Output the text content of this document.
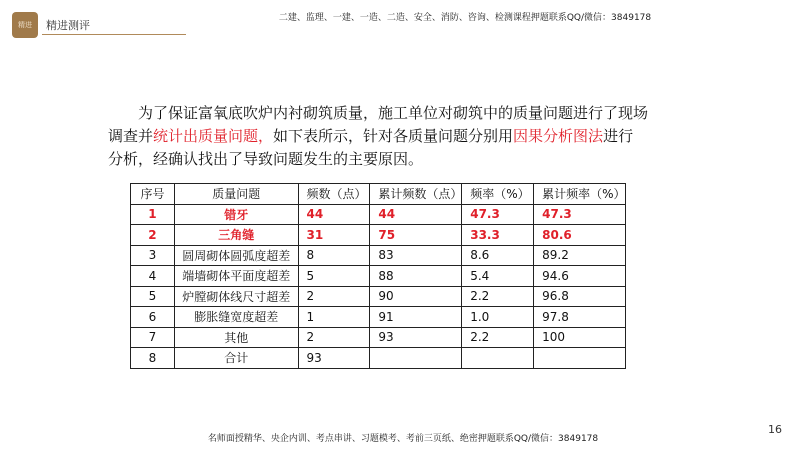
精进	精进测评
二建、监理、一建、一造、二造、安全、消防、咨询、检测课程押题联系QQ/微信：3849178

为了保证富氧底吹炉内衬砌筑质量，施工单位对砌筑中的质量问题进行了现场调查并统计出质量问题，如下表所示，针对各质量问题分别用因果分析图法进行分析，经确认找出了导致问题发生的主要原因。

序号	质量问题	频数（点）	累计频数（点）	频率（%）	累计频率（%）
1	错牙	44	44	47.3	47.3
2	三角缝	31	75	33.3	80.6
3	圆周砌体圆弧度超差	8	83	8.6	89.2
4	端墙砌体平面度超差	5	88	5.4	94.6
5	炉膛砌体线尺寸超差	2	90	2.2	96.8
6	膨胀缝宽度超差	1	91	1.0	97.8
7	其他	2	93	2.2	100
8	合计	93			
16
名师面授精华、央企内训、考点串讲、习题模考、考前三页纸、绝密押题联系QQ/微信：3849178
